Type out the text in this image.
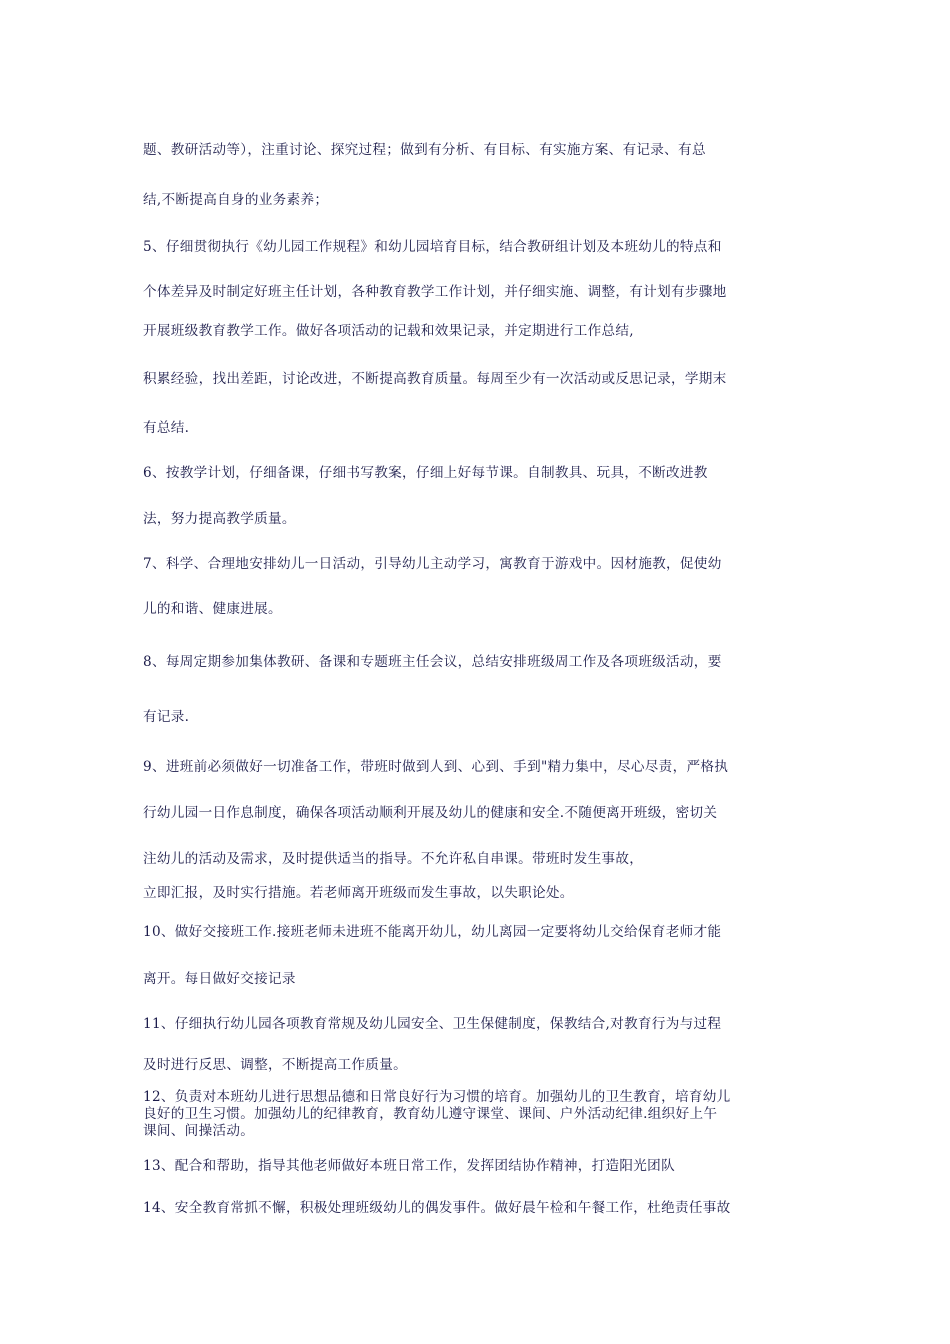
题、教研活动等），注重讨论、探究过程；做到有分析、有目标、有实施方案、有记录、有总

结,不断提高自身的业务素养；

5、仔细贯彻执行《幼儿园工作规程》和幼儿园培育目标，结合教研组计划及本班幼儿的特点和

个体差异及时制定好班主任计划，各种教育教学工作计划，并仔细实施、调整，有计划有步骤地

开展班级教育教学工作。做好各项活动的记载和效果记录，并定期进行工作总结,

积累经验，找出差距，讨论改进，不断提高教育质量。每周至少有一次活动或反思记录，学期末

有总结.

6、按教学计划，仔细备课，仔细书写教案，仔细上好每节课。自制教具、玩具，不断改进教

法，努力提高教学质量。

7、科学、合理地安排幼儿一日活动，引导幼儿主动学习，寓教育于游戏中。因材施教，促使幼

儿的和谐、健康进展。

8、每周定期参加集体教研、备课和专题班主任会议，总结安排班级周工作及各项班级活动，要

有记录.

9、进班前必须做好一切准备工作，带班时做到人到、心到、手到"精力集中，尽心尽责，严格执

行幼儿园一日作息制度，确保各项活动顺利开展及幼儿的健康和安全.不随便离开班级，密切关

注幼儿的活动及需求，及时提供适当的指导。不允许私自串课。带班时发生事故，

立即汇报，及时实行措施。若老师离开班级而发生事故，以失职论处。

10、做好交接班工作.接班老师未进班不能离开幼儿，幼儿离园一定要将幼儿交给保育老师才能

离开。每日做好交接记录

11、仔细执行幼儿园各项教育常规及幼儿园安全、卫生保健制度，保教结合,对教育行为与过程

及时进行反思、调整，不断提高工作质量。

12、负责对本班幼儿进行思想品德和日常良好行为习惯的培育。加强幼儿的卫生教育，培育幼儿
良好的卫生习惯。加强幼儿的纪律教育，教育幼儿遵守课堂、课间、户外活动纪律.组织好上午
课间、间操活动。

13、配合和帮助，指导其他老师做好本班日常工作，发挥团结协作精神，打造阳光团队

14、安全教育常抓不懈，积极处理班级幼儿的偶发事件。做好晨午检和午餐工作，杜绝责任事故
